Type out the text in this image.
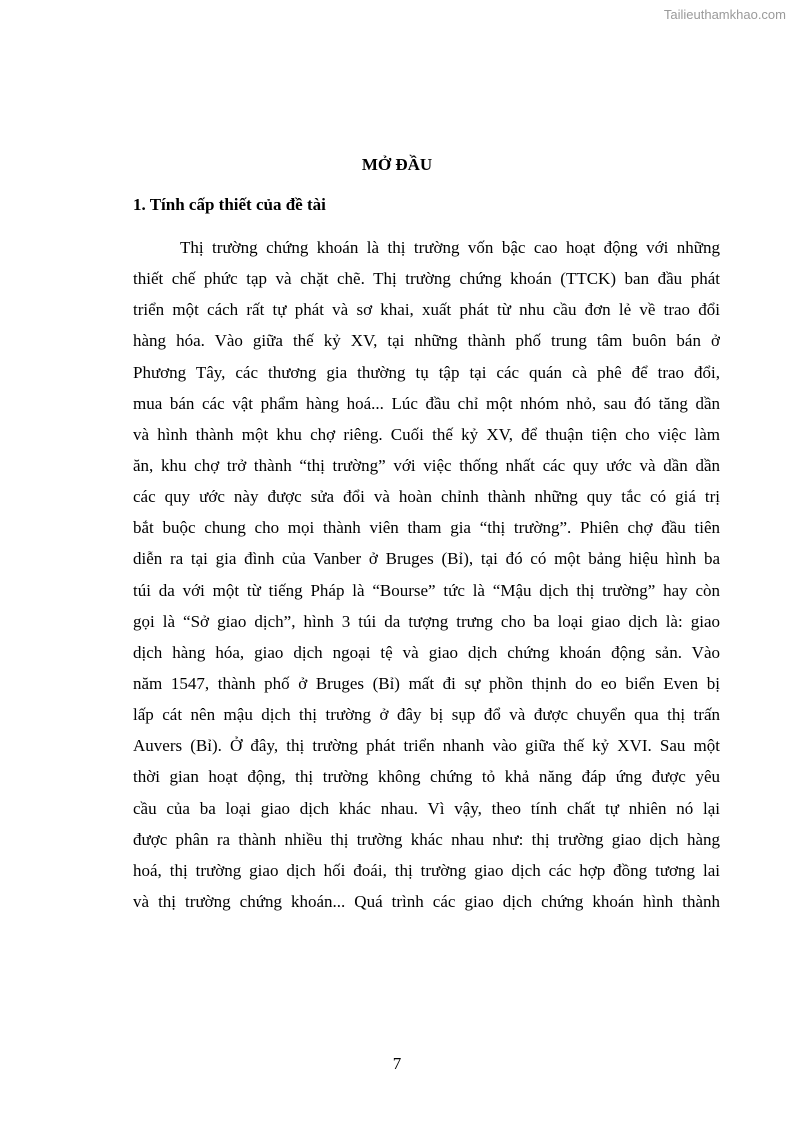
Tailieuthamkhao.com
MỞ ĐẦU
1. Tính cấp thiết của đề tài
Thị trường chứng khoán là thị trường vốn bậc cao hoạt động với những
thiết chế phức tạp và chặt chẽ. Thị trường chứng khoán (TTCK) ban đầu phát
triển một cách rất tự phát và sơ khai, xuất phát từ nhu cầu đơn lẻ về trao đổi
hàng hóa. Vào giữa thế kỷ XV, tại những thành phố trung tâm buôn bán ở
Phương Tây, các thương gia thường tụ tập tại các quán cà phê để trao đổi,
mua bán các vật phẩm hàng hoá... Lúc đầu chỉ một nhóm nhỏ, sau đó tăng dần
và hình thành một khu chợ riêng. Cuối thế kỷ XV, để thuận tiện cho việc làm
ăn, khu chợ trở thành “thị trường” với việc thống nhất các quy ước và dần dần
các quy ước này được sửa đổi và hoàn chỉnh thành những quy tắc có giá trị
bắt buộc chung cho mọi thành viên tham gia “thị trường”. Phiên chợ đầu tiên
diễn ra tại gia đình của Vanber ở Bruges (Bỉ), tại đó có một bảng hiệu hình ba
túi da với một từ tiếng Pháp là “Bourse” tức là “Mậu dịch thị trường” hay còn
gọi là “Sở giao dịch”, hình 3 túi da tượng trưng cho ba loại giao dịch là: giao
dịch hàng hóa, giao dịch ngoại tệ và giao dịch chứng khoán động sản. Vào
năm 1547, thành phố ở Bruges (Bỉ) mất đi sự phồn thịnh do eo biển Even bị
lấp cát nên mậu dịch thị trường ở đây bị sụp đổ và được chuyển qua thị trấn
Auvers (Bỉ). Ở đây, thị trường phát triển nhanh vào giữa thế kỷ XVI. Sau một
thời gian hoạt động, thị trường không chứng tỏ khả năng đáp ứng được yêu
cầu của ba loại giao dịch khác nhau. Vì vậy, theo tính chất tự nhiên nó lại
được phân ra thành nhiều thị trường khác nhau như: thị trường giao dịch hàng
hoá, thị trường giao dịch hối đoái, thị trường giao dịch các hợp đồng tương lai
và thị trường chứng khoán... Quá trình các giao dịch chứng khoán hình thành
7
